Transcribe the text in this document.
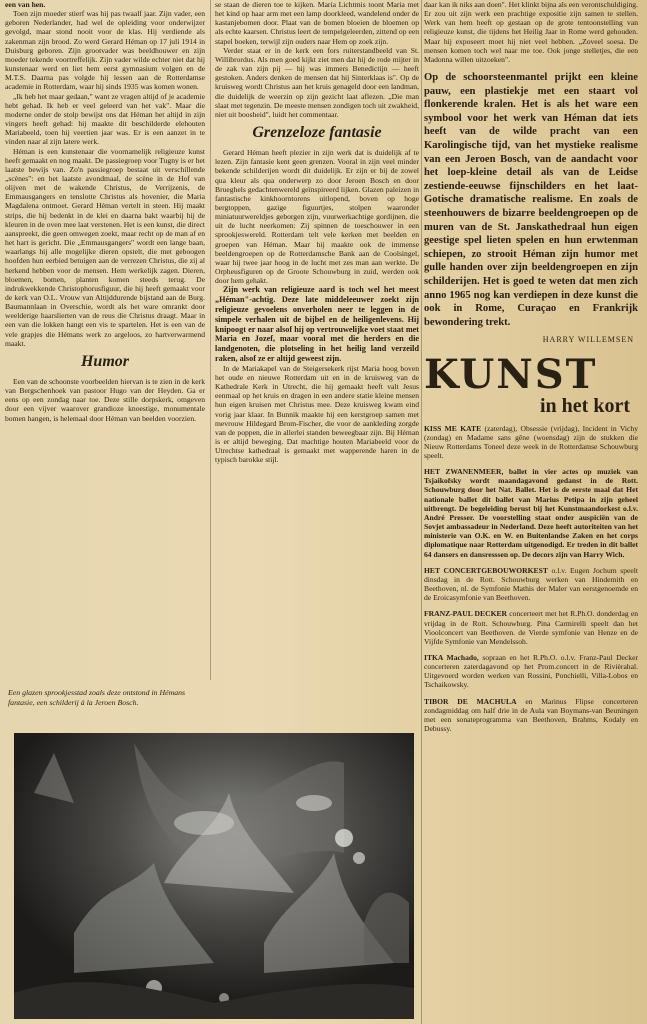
een van hen.

Toen zijn moeder stierf was hij pas twaalf jaar. Zijn vader, een geboren Nederlander, had wel de opleiding voor onderwijzer gevolgd, maar stond nooit voor de klas. Hij verdiende als zakenman zijn brood. Zo werd Gerard Héman op 17 juli 1914 in Duisburg geboren. Zijn grootvader was beeldhouwer en zijn moeder tekende voortreffelijk. Zijn vader wilde echter niet dat hij kunstenaar werd en liet hem eerst gymnasium volgen en de M.T.S. Daarna pas volgde hij lessen aan de Rotterdamse academie in Rotterdam, waar hij sinds 1935 was komen wonen.

„Ik heb het maar gedaan," want ze vragen altijd of je academie hebt gehad. Ik heb er veel geleerd van het vak". Maar die moderne onder de stolp bewijst ons dat Héman het altijd in zijn vingers heeft gehad: hij maakte dit beschilderde elehouten Mariabeeld, toen hij veertien jaar was. Er is een aanzet in te vinden naar al zijn latere werk.

Héman is een kunstenaar die voornamelijk religieuze kunst heeft gemaakt en nog maakt. De passiegroep voor Tugny is er het laatste bewijs van. Zo'n passiegroep bestaat uit verschillende „scènes": en het laatste avondmaal, de scène in de Hof van olijven met de wakende Christus, de Verrijzenis, de Emmausgangers en tenslotte Christus als hovenier, die Maria Magdalena ontmoet. Gerard Héman vertelt in steen. Hij maakt strips, die hij bedenkt in de klei en daarna bakt waarbij hij de kleuren in de oven mee laat verstenen. Het is een kunst, die direct aanspreekt, die geen omwegen zoekt, maar recht op de man af en het hart is gericht. Die „Emmausgangers" wordt een lange baan, waarlangs hij alle mogelijke dieren opstelt, die met geboogen hoofden hun eerbied betuigen aan de verrezen Christus, die zij al herkend hebben voor de mensen. Hem werkelijk zagen. Dieren, bloemen, bomen, planten komen steeds terug. De indrukwekkende Christophorusfiguur, die hij heeft gemaakt voor de kerk van O.L. Vrouw van Altijddurende bijstand aan de Burg. Baumannlaan in Overschie, wordt als het ware omrankt door weelderige haarslierten van de reus die Christus draagt. Maar in een van die lokken hangt een vis te spartelen. Het is een van de vele grapjes die Hémans werk zo argeloos, zo hartverwarmend maakt.

Humor

Een van de schoonste voorbeelden hiervan is te zien in de kerk van Bergschenhoek van pastoor Hugo van der Heyden. Ga er eens op een zondag naar toe. Deze stille dorpskerk, omgeven door een vijver waarover grandioze knoestige, monumentale bomen hangen, is helemaal door Héman van beelden voorzien.

Een glazen sprookjesstad zoals deze ontstond in Hémans fantasie, een schilderij à la Jeroen Bosch.

se staan de dieren toe te kijken. Maria Lichtmis toont Maria met het kind op haar arm met een lamp doorkleed, wandelend onder de kastanjebomen door. Plaat van de bomen bloeien de bloemen op als echte kaarsen. Christus leert de tempelgeleerden, zittend op een stapel boeken, terwijl zijn ouders naar Hem op zoek zijn.

Verder staat er in de kerk een fors ruiterstandbeeld van St. Willibrordus. Als men goed kijkt ziet men dat hij de rode mijter in de zak van zijn pij — hij was immers Benedictijn — heeft gestoken. Anders denken de mensen dat hij Sinterklaas is". Op de kruisweg wordt Christus aan het kruis genageld door een landman, die duidelijk de weerzin op zijn gezicht laat aflezen. „Die man slaat met tegenzin. De meeste mensen zondigen toch uit zwakheid, niet uit boosheid", luidt het commentaar.

Grenzeloze fantasie

Gerard Héman heeft plezier in zijn werk dat is duidelijk af te lezen. Zijn fantasie kent geen grenzen. Vooral in zijn veel minder bekende schilderijen wordt dit duidelijk. Er zijn er bij de zowel qua kleur als qua onderwerp zo door Jeroen Bosch en door Brueghels gedachtenwereld geïnspireerd lijken. Glazen paleizen in fantastische kinkhoorntorens uitlopend, boven op hoge bergtoppen, gazige figuurtjes, stolpen waaronder miniatuurwereldjes geborgen zijn, vuurwerkachtige gordijnen, die uit de lucht neerkomen: Zij spinnen de toeschouwer in een sprookjeswereld. Rotterdam telt vele kerken met beelden en groepen van Héman. Maar hij maakte ook de immense beeldengroepen op de Rotterdamsche Bank aan de Coolsingel, waar hij twee jaar hoog in de lucht met zes man aan werkte. De Orpheusfiguren op de Groote Schouwburg in zuid, werden ook door hem gehakt.

Zijn werk van religieuze aard is toch wel het meest „Héman"-achtig. Deze late middeleeuwer zoekt zijn religieuze gevoelens onverholen neer te leggen in de simpele verhalen uit de bijbel en de heiligenlevens. Hij knipoogt er naar alsof hij op vertrouwelijke voet staat met Maria en Jozef, maar vooral met die herders en die landgenoten, die plotseling in het heilig land verzeild raken, alsof ze er altijd geweest zijn.

In de Mariakapel van de Steigersekerk rijst Maria hoog boven het oude en nieuwe Rotterdam uit en in de kruisweg van de Kathedrale Kerk in Utrecht, die hij gemaakt heeft valt Jesus eenmaal op het kruis en dragen in een andere statie kleine mensen hun eigen kruisen met Christus mee. Deze kruisweg kwam eind vorig jaar klaar. In Bunnik maakte hij een kerstgroep samen met mevrouw Hildegard Brom-Fischer, die voor de aankleding zorgde van de poppen, die in allerlei standen beweegbaar zijn. Bij Héman is er altijd beweging. Dat machtige houten Mariabeeld voor de Utrechtse kathedraal is gemaakt met wapperende haren in de typisch barokke stijl.

daar kan ik niks aan doen". Het klinkt bijna als een verontschuldiging. Er zou uit zijn werk een prachtige expositie zijn samen te stellen. Werk van hem heeft op gestaan op de grote tentoonstelling van religieuze kunst, die tijdens het Heilig Jaar in Rome werd gehouden. Maar hij exposeert moet hij niet veel hebben. „Zoveel soesa. De mensen komen toch wel naar me toe. Ook jonge stelletjes, die een Madonna willen uitzoeken".

Op de schoorsteenmantel prijkt een kleine pauw, een plastiekje met een staart vol flonkerende kralen. Het is als het ware een symbool voor het werk van Héman dat iets heeft van de wilde pracht van een Karolingische tijd, van het mystieke realisme van een Jeroen Bosch, van de aandacht voor het loep-kleine detail als van de Leidse zestiende-eeuwse fijnschilders en het laat-Gotische dramatische realisme. En zoals de steenhouwers de bizarre beeldengroepen op de muren van de St. Janskathedraal hun eigen geestige spel lieten spelen en hun erwtenman schiepen, zo strooit Héman zijn humor met gulle handen over zijn beeldengroepen en zijn schilderijen. Het is goed te weten dat men zich anno 1965 nog kan verdiepen in deze kunst die ook in Rome, Curaçao en Frankrijk bewondering trekt.

HARRY WILLEMSEN
KUNST
in het kort

KISS ME KATE (zaterdag), Obsessie (vrijdag), Incident in Vichy (zondag) en Madame sans gêne (woensdag) zijn de stukken die Nieuw Rotterdams Toneel deze week in de Rotterdamse Schouwburg speelt.

HET ZWANENMEER, ballet in vier actes op muziek van Tsjaikofsky wordt maandagavond gedanst in de Rott. Schouwburg door het Nat. Ballet. Het is de eerste maal dat Het nationale ballet dit ballet van Marius Petipa in zijn geheel uitbrengt. De begeleiding berust bij het Kunstmaandorkest o.l.v. André Presser. De voorstelling staat onder auspiciën van de Sovjet ambassadeur in Nederland. Deze heeft autoriteiten van het ministerie van O.K. en W. en Buitenlandse Zaken en het corps diplomatique naar Rotterdam uitgenodigd. Er treden in dit ballet 64 dansers en dansresssen op. De decors zijn van Harry Wich.

HET CONCERTGEBOUWORKEST o.l.v. Eugen Jochum speelt dinsdag in de Rott. Schouwburg werken van Hindemith en Beethoven, nl. de Symfonie Mathis der Maler van eerstgenoemde en de Eroicasymfonie van Beethoven.

FRANZ-PAUL DECKER concerteert met het R.Ph.O. donderdag en vrijdag in de Rott. Schouwburg. Pina Carmirelli speelt dan het Vioolconcert van Beethoven. de Vierde symfonie van Henze en de Vijfde Symfonie van Mendelssoh.

ITKA Machado, sopraan en het R.Ph.O. o.l.v. Franz-Paul Decker concerteren zaterdagavond op het Prom.concert in de Rivièrahal. Uitgevoerd worden werken van Rossini, Ponchielli, Villa-Lobos en Tschaikowsky.

TIBOR DE MACHULA en Marinus Flipse concerteren zondagmiddag om half drie in de Aula van Boymans-van Beuningen met een sonateprogramma van Beethoven, Brahms, Kodaly en Debussy.
